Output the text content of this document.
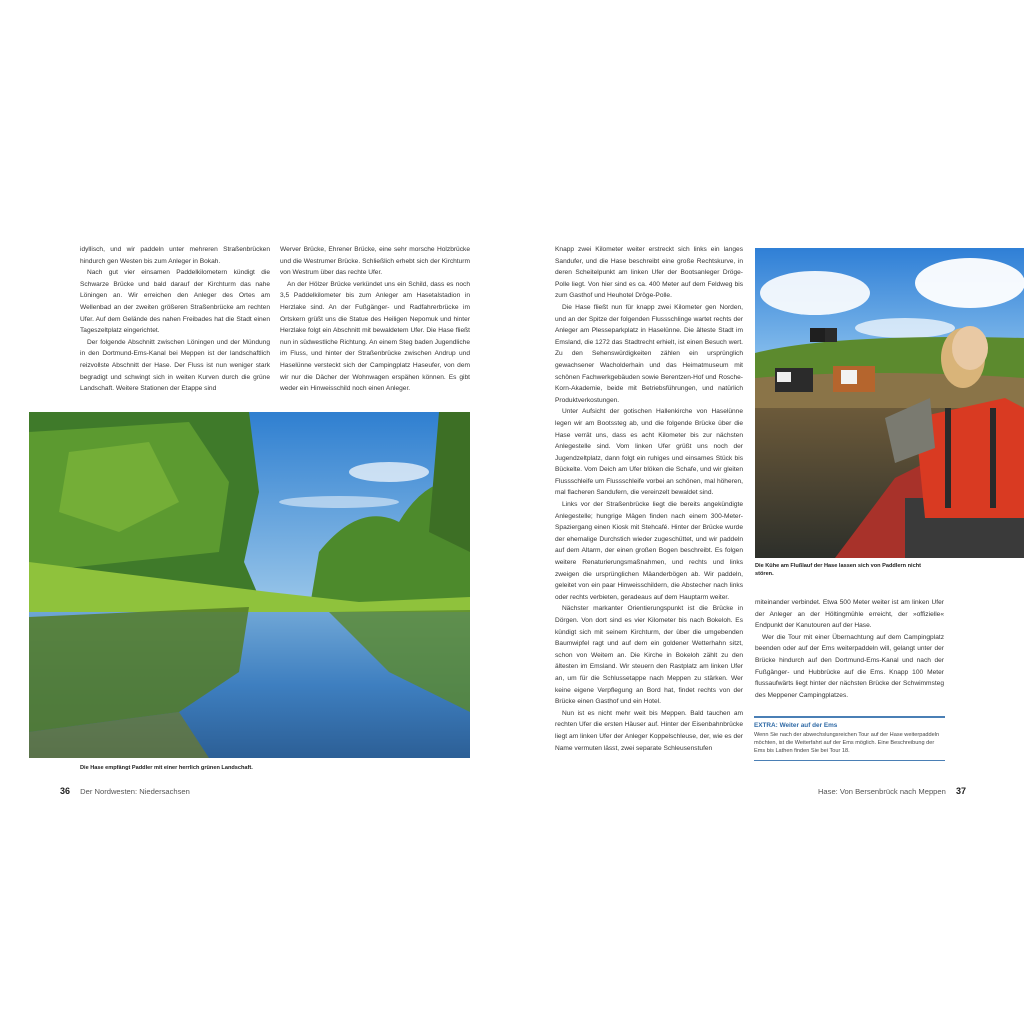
idyllisch, und wir paddeln unter mehreren Straßenbrücken hindurch gen Westen bis zum Anleger in Bokah.

Nach gut vier einsamen Paddelkilometern kündigt die Schwarze Brücke und bald darauf der Kirchturm das nahe Löningen an. Wir erreichen den Anleger des Ortes am Wellenbad an der zweiten größeren Straßenbrücke am rechten Ufer. Auf dem Gelände des nahen Freibades hat die Stadt einen Tageszeltplatz eingerichtet.

Der folgende Abschnitt zwischen Löningen und der Mündung in den Dortmund-Ems-Kanal bei Meppen ist der landschaftlich reizvollste Abschnitt der Hase. Der Fluss ist nun weniger stark begradigt und schwingt sich in weiten Kurven durch die grüne Landschaft. Weitere Stationen der Etappe sind

Werver Brücke, Ehrener Brücke, eine sehr morsche Holzbrücke und die Westrumer Brücke. Schließlich erhebt sich der Kirchturm von Westrum über das rechte Ufer.

An der Hölzer Brücke verkündet uns ein Schild, dass es noch 3,5 Paddelkilometer bis zum Anleger am Hasetalstadion in Herzlake sind. An der Fußgänger- und Radfahrerbrücke im Ortskern grüßt uns die Statue des Heiligen Nepomuk und hinter Herzlake folgt ein Abschnitt mit bewaldetem Ufer. Die Hase fließt nun in südwestliche Richtung. An einem Steg baden Jugendliche im Fluss, und hinter der Straßenbrücke zwischen Andrup und Haselünne versteckt sich der Campingplatz Haseufer, von dem wir nur die Dächer der Wohnwagen erspähen können. Es gibt weder ein Hinweisschild noch einen Anleger.

Die Hase empfängt Paddler mit einer herrlich grünen Landschaft.
36 Der Nordwesten: Niedersachsen

Knapp zwei Kilometer weiter erstreckt sich links ein langes Sandufer, und die Hase beschreibt eine große Rechtskurve, in deren Scheitelpunkt am linken Ufer der Bootsanleger Dröge-Polle liegt. Von hier sind es ca. 400 Meter auf dem Feldweg bis zum Gasthof und Heuhotel Dröge-Polle.

Die Hase fließt nun für knapp zwei Kilometer gen Norden, und an der Spitze der folgenden Flussschlinge wartet rechts der Anleger am Plesseparkplatz in Haselünne. Die älteste Stadt im Emsland, die 1272 das Stadtrecht erhielt, ist einen Besuch wert. Zu den Sehenswürdigkeiten zählen ein ursprünglich gewachsener Wacholderhain und das Heimatmuseum mit schönen Fachwerkgebäuden sowie Berentzen-Hof und Rosche-Korn-Akademie, beide mit Betriebsführungen, und natürlich Produktverkostungen.

Unter Aufsicht der gotischen Hallenkirche von Haselünne legen wir am Bootssteg ab, und die folgende Brücke über die Hase verrät uns, dass es acht Kilometer bis zur nächsten Anlegestelle sind. Vom linken Ufer grüßt uns noch der Jugendzeltplatz, dann folgt ein ruhiges und einsames Stück bis Bückelte. Vom Deich am Ufer blöken die Schafe, und wir gleiten Flussschleife um Flussschleife vorbei an schönen, mal höheren, mal flacheren Sandufern, die vereinzelt bewaldet sind.

Links vor der Straßenbrücke liegt die bereits angekündigte Anlegestelle; hungrige Mägen finden nach einem 300-Meter-Spaziergang einen Kiosk mit Stehcafé. Hinter der Brücke wurde der ehemalige Durchstich wieder zugeschüttet, und wir paddeln auf dem Altarm, der einen großen Bogen beschreibt. Es folgen weitere Renaturierungsmaßnahmen, und rechts und links zweigen die ursprünglichen Mäanderbögen ab. Wir paddeln, geleitet von ein paar Hinweisschildern, die Abstecher nach links oder rechts verbieten, geradeaus auf dem Hauptarm weiter.

Nächster markanter Orientierungspunkt ist die Brücke in Dörgen. Von dort sind es vier Kilometer bis nach Bokeloh. Es kündigt sich mit seinem Kirchturm, der über die umgebenden Baumwipfel ragt und auf dem ein goldener Wetterhahn sitzt, schon von Weitem an. Die Kirche in Bokeloh zählt zu den ältesten im Emsland. Wir steuern den Rastplatz am linken Ufer an, um für die Schlussetappe nach Meppen zu stärken. Wer keine eigene Verpflegung an Bord hat, findet rechts von der Brücke einen Gasthof und ein Hotel.

Nun ist es nicht mehr weit bis Meppen. Bald tauchen am rechten Ufer die ersten Häuser auf. Hinter der Eisenbahnbrücke liegt am linken Ufer der Anleger Koppelschleuse, der, wie es der Name vermuten lässt, zwei separate Schleusenstufen

Die Kühe am Flußlauf der Hase lassen sich von Paddlern nicht stören.

miteinander verbindet. Etwa 500 Meter weiter ist am linken Ufer der Anleger an der Höltingmühle erreicht, der »offizielle« Endpunkt der Kanutouren auf der Hase.

Wer die Tour mit einer Übernachtung auf dem Campingplatz beenden oder auf der Ems weiterpaddeln will, gelangt unter der Brücke hindurch auf den Dortmund-Ems-Kanal und nach der Fußgänger- und Hubbrücke auf die Ems. Knapp 100 Meter flussaufwärts liegt hinter der nächsten Brücke der Schwimmsteg des Meppener Campingplatzes.

EXTRA: Weiter auf der Ems
Wenn Sie nach der abwechslungsreichen Tour auf der Hase weiterpaddeln möchten, ist die Weiterfahrt auf der Ems möglich. Eine Beschreibung der Ems bis Lathen finden Sie bei Tour 18.
Hase: Von Bersenbrück nach Meppen 37
